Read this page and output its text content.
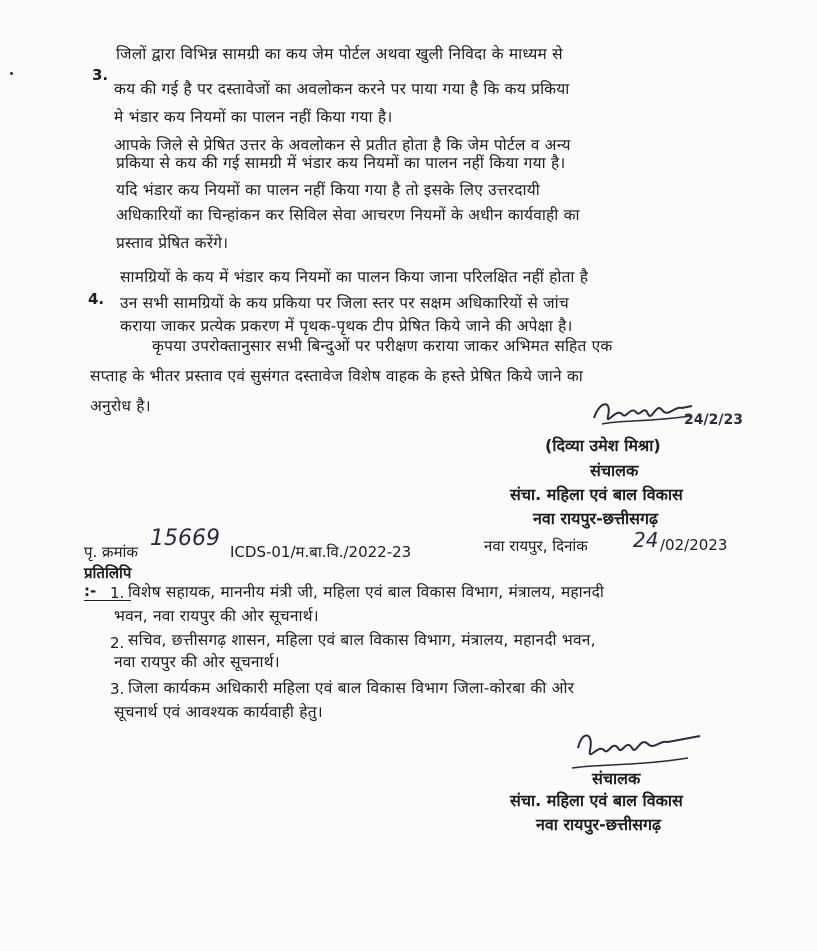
3.
जिलों द्वारा विभिन्न सामग्री का कय जेम पोर्टल अथवा खुली निविदा के माध्यम से
कय की गई है पर दस्तावेजों का अवलोकन करने पर पाया गया है कि कय प्रकिया
मे भंडार कय नियमों का पालन नहीं किया गया है।
आपके जिले से प्रेषित उत्तर के अवलोकन से प्रतीत होता है कि जेम पोर्टल व अन्य
प्रकिया से कय की गई सामग्री में भंडार कय नियमों का पालन नहीं किया गया है।
यदि भंडार कय नियमों का पालन नहीं किया गया है तो इसके लिए उत्तरदायी
अधिकारियों का चिन्हांकन कर सिविल सेवा आचरण नियमों के अधीन कार्यवाही का
प्रस्ताव प्रेषित करेंगे।
4.
सामग्रियों के कय में भंडार कय नियमों का पालन किया जाना परिलक्षित नहीं होता है
उन सभी सामग्रियों के कय प्रकिया पर जिला स्तर पर सक्षम अधिकारियों से जांच
कराया जाकर प्रत्येक प्रकरण में पृथक-पृथक टीप प्रेषित किये जाने की अपेक्षा है।
कृपया उपरोक्तानुसार सभी बिन्दुओं पर परीक्षण कराया जाकर अभिमत सहित एक
सप्ताह के भीतर प्रस्ताव एवं सुसंगत दस्तावेज विशेष वाहक के हस्ते प्रेषित किये जाने का
अनुरोध है।
24/2/23
(दिव्या उमेश मिश्रा)
संचालक
संचा. महिला एवं बाल विकास
नवा रायपुर-छत्तीसगढ़
पृ. क्रमांक
15669
ICDS-01/म.बा.वि./2022-23	नवा रायपुर, दिनांक 24 /02/2023
प्रतिलिपि :- 1. विशेष सहायक, माननीय मंत्री जी, महिला एवं बाल विकास विभाग, मंत्रालय, महानदी
भवन, नवा रायपुर की ओर सूचनार्थ।
2. सचिव, छत्तीसगढ़ शासन, महिला एवं बाल विकास विभाग, मंत्रालय, महानदी भवन,
नवा रायपुर की ओर सूचनार्थ।
3. जिला कार्यकम अधिकारी महिला एवं बाल विकास विभाग जिला-कोरबा की ओर
सूचनार्थ एवं आवश्यक कार्यवाही हेतु।
संचालक
संचा. महिला एवं बाल विकास
नवा रायपुर-छत्तीसगढ़
